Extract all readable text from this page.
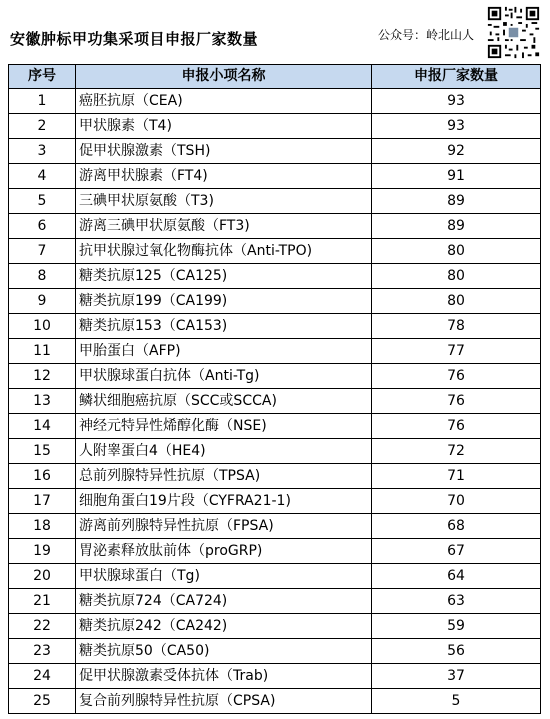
安徽肿标甲功集采项目申报厂家数量	公众号：岭北山人
序号	申报小项名称	申报厂家数量
1	癌胚抗原（CEA)	93
2	甲状腺素（T4)	93
3	促甲状腺激素（TSH)	92
4	游离甲状腺素（FT4)	91
5	三碘甲状原氨酸（T3)	89
6	游离三碘甲状原氨酸（FT3)	89
7	抗甲状腺过氧化物酶抗体（Anti-TPO)	80
8	糖类抗原125（CA125)	80
9	糖类抗原199（CA199)	80
10	糖类抗原153（CA153)	78
11	甲胎蛋白（AFP)	77
12	甲状腺球蛋白抗体（Anti-Tg)	76
13	鳞状细胞癌抗原（SCC或SCCA)	76
14	神经元特异性烯醇化酶（NSE)	76
15	人附睾蛋白4（HE4)	72
16	总前列腺特异性抗原（TPSA)	71
17	细胞角蛋白19片段（CYFRA21-1)	70
18	游离前列腺特异性抗原（FPSA)	68
19	胃泌素释放肽前体（proGRP)	67
20	甲状腺球蛋白（Tg)	64
21	糖类抗原724（CA724)	63
22	糖类抗原242（CA242)	59
23	糖类抗原50（CA50)	56
24	促甲状腺激素受体抗体（Trab)	37
25	复合前列腺特异性抗原（CPSA)	5
